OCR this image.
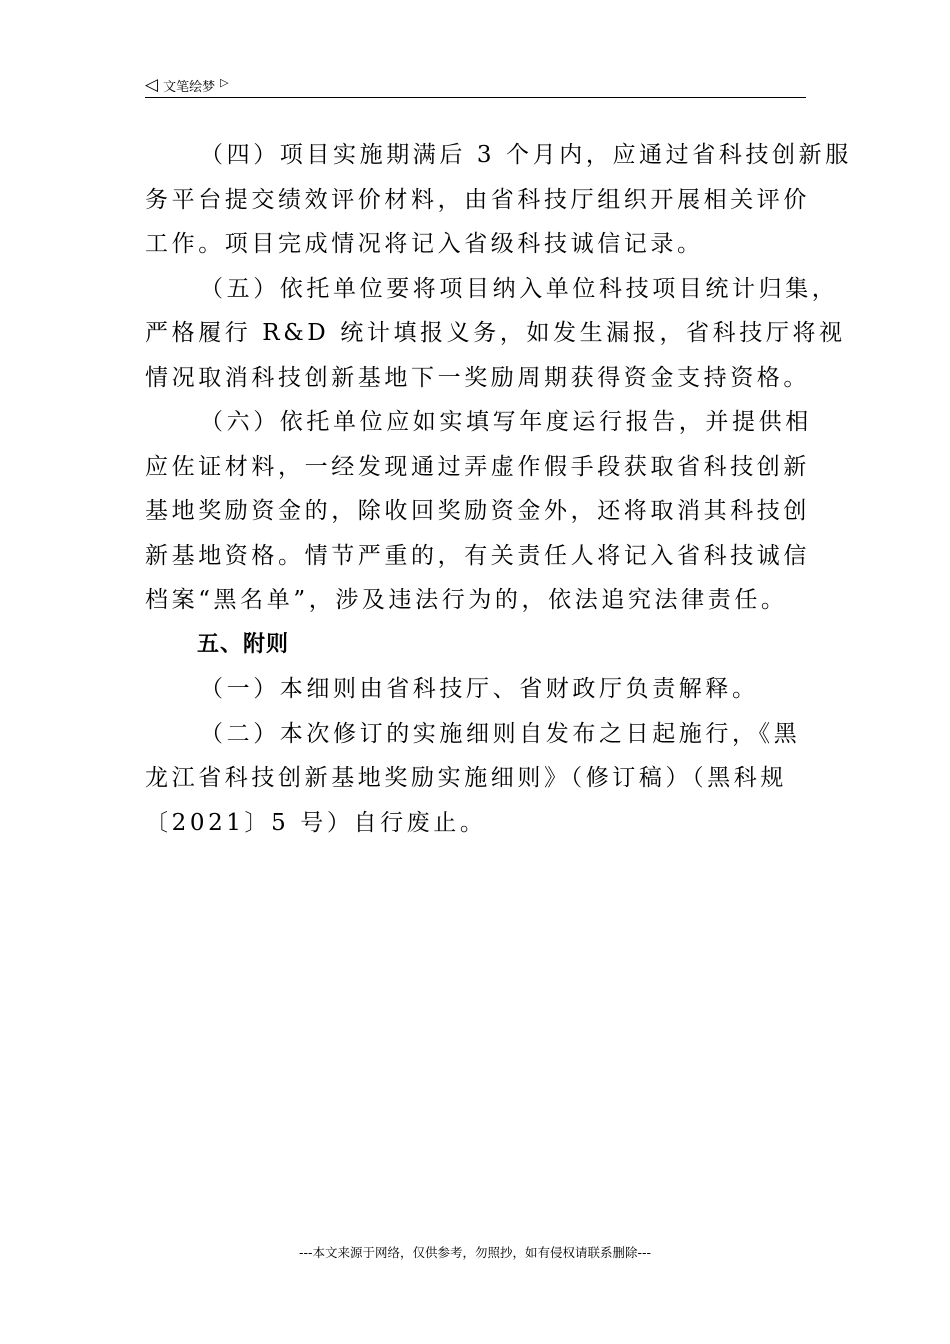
◁ 文笔绘梦 ▷

（四）项目实施期满后 3 个月内，应通过省科技创新服
务平台提交绩效评价材料，由省科技厅组织开展相关评价
工作。项目完成情况将记入省级科技诚信记录。

（五）依托单位要将项目纳入单位科技项目统计归集，
严格履行 R&D 统计填报义务，如发生漏报，省科技厅将视
情况取消科技创新基地下一奖励周期获得资金支持资格。

（六）依托单位应如实填写年度运行报告，并提供相
应佐证材料，一经发现通过弄虚作假手段获取省科技创新
基地奖励资金的，除收回奖励资金外，还将取消其科技创
新基地资格。情节严重的，有关责任人将记入省科技诚信
档案“黑名单”，涉及违法行为的，依法追究法律责任。

五、附则

（一）本细则由省科技厅、省财政厅负责解释。

（二）本次修订的实施细则自发布之日起施行，《黑
龙江省科技创新基地奖励实施细则》（修订稿）（黑科规
〔2021〕5 号）自行废止。

---本文来源于网络，仅供参考，勿照抄，如有侵权请联系删除---
